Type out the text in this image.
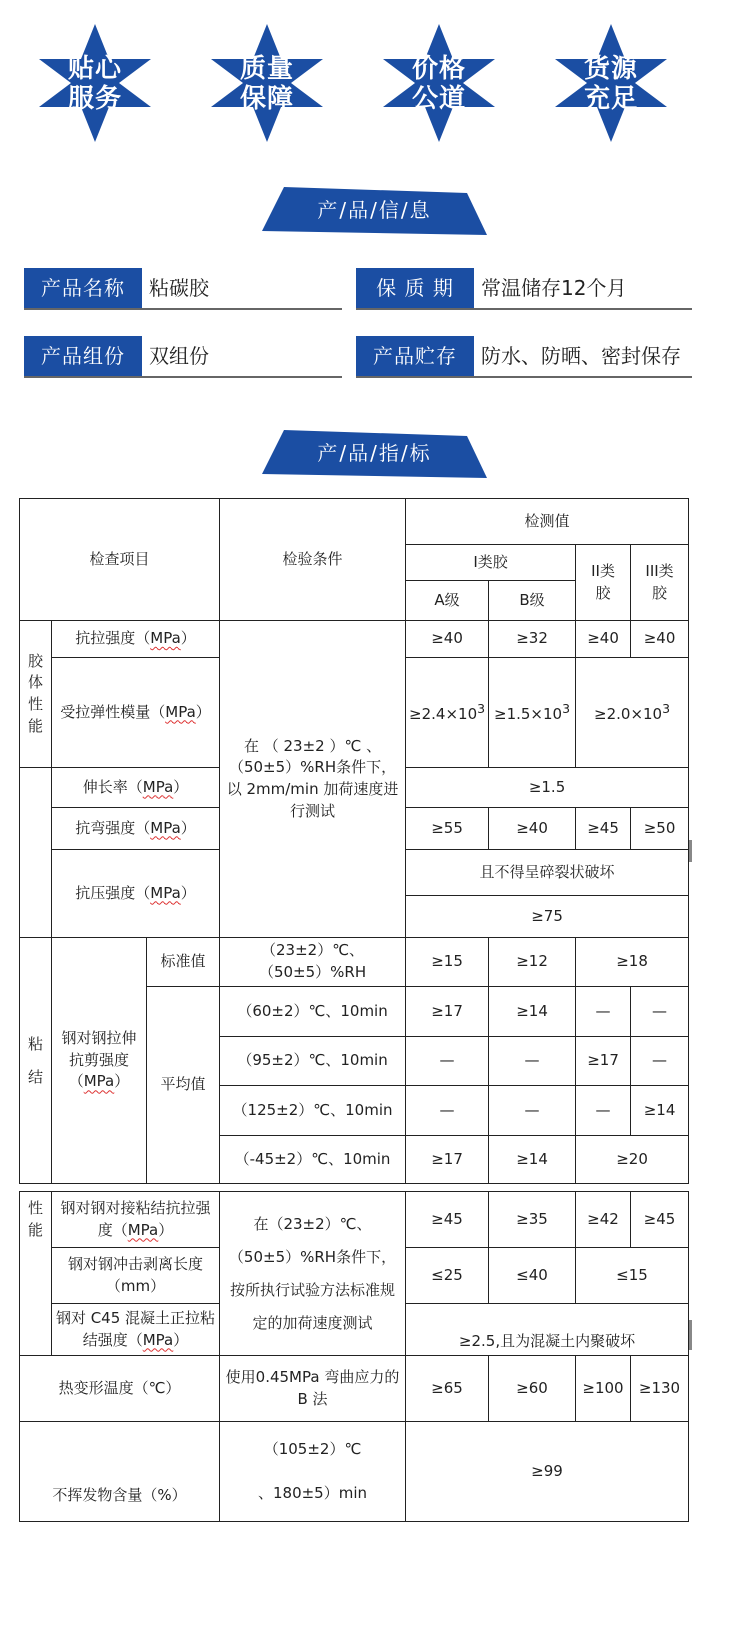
贴心
服务
质量
保障
价格
公道
货源
充足
产/品/信/息
产品名称	粘碳胶	保 质 期	常温储存12个月
产品组份	双组份	产品贮存	防水、防晒、密封保存
产/品/指/标
检查项目			检验条件	检测值			
				I类胶		II类胶	III类胶

				A级	B级		

胶体性能	抗拉强度（MPa）		在 （ 23±2 ）℃ 、（50±5）%RH条件下，以 2mm/min 加荷速度进行测试	≥40	≥32	≥40	≥40
	受拉弹性模量（MPa）			$\ge 2.4\times 10^3$	$\ge 1.5\times 10^3$	$\ge 2.0\times 10^3$
	伸长率（MPa）			≥1.5			
	抗弯强度（MPa）			≥55	≥40	≥45	≥50
	抗压强度（MPa）			且不得呈碎裂状破坏			
				≥75			

粘结	钢对钢拉伸抗剪强度（MPa）	标准值	（23±2）℃、（50±5）%RH	≥15	≥12	≥18	
		平均值	（60±2）℃、10min	≥17	≥14	—	—
			（95±2）℃、10min	—	—	≥17	—
			（125±2）℃、10min	—	—	—	≥14
			（-45±2）℃、10min	≥17	≥14	≥20	
性能	钢对钢对接粘结抗拉强度（MPa）	在（23±2）℃、（50±5）%RH条件下，按所执行试验方法标准规定的加荷速度测试	≥45	≥35	≥42	≥45
	钢对钢冲击剥离长度（mm）		≤25	≤40	≤15	
	钢对 C45 混凝土正拉粘结强度（MPa）		≥2.5,且为混凝土内聚破坏			
热变形温度（℃）		使用0.45MPa 弯曲应力的 B 法	≥65	≥60	≥100	≥130
不挥发物含量（%）		（105±2）℃
、180±5）min	≥99			
